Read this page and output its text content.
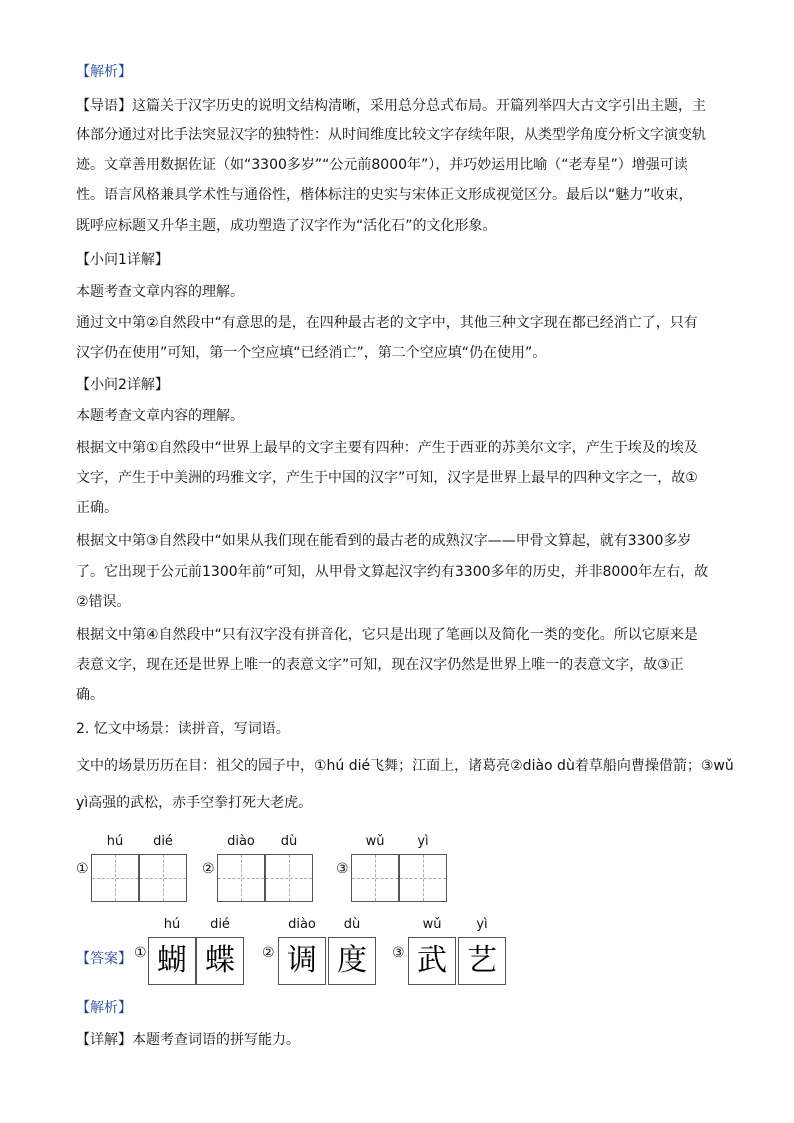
【解析】
【导语】这篇关于汉字历史的说明文结构清晰，采用总分总式布局。开篇列举四大古文字引出主题，主
体部分通过对比手法突显汉字的独特性：从时间维度比较文字存续年限，从类型学角度分析文字演变轨
迹。文章善用数据佐证（如“3300多岁”“公元前8000年”），并巧妙运用比喻（“老寿星”）增强可读
性。语言风格兼具学术性与通俗性，楷体标注的史实与宋体正文形成视觉区分。最后以“魅力”收束，
既呼应标题又升华主题，成功塑造了汉字作为“活化石”的文化形象。
【小问1详解】
本题考查文章内容的理解。
通过文中第②自然段中“有意思的是，在四种最古老的文字中，其他三种文字现在都已经消亡了，只有
汉字仍在使用”可知，第一个空应填“已经消亡”，第二个空应填“仍在使用”。
【小问2详解】
本题考查文章内容的理解。
根据文中第①自然段中“世界上最早的文字主要有四种：产生于西亚的苏美尔文字，产生于埃及的埃及
文字，产生于中美洲的玛雅文字，产生于中国的汉字”可知，汉字是世界上最早的四种文字之一，故①
正确。
根据文中第③自然段中“如果从我们现在能看到的最古老的成熟汉字——甲骨文算起，就有3300多岁
了。它出现于公元前1300年前”可知，从甲骨文算起汉字约有3300多年的历史，并非8000年左右，故
②错误。
根据文中第④自然段中“只有汉字没有拼音化，它只是出现了笔画以及简化一类的变化。所以它原来是
表意文字，现在还是世界上唯一的表意文字”可知，现在汉字仍然是世界上唯一的表意文字，故③正
确。
2. 忆文中场景：读拼音，写词语。
文中的场景历历在目：祖父的园子中，①hú dié飞舞；江面上，诸葛亮②diào dù着草船向曹操借箭；③wǔ
yì高强的武松，赤手空拳打死大老虎。
①
hú	dié
②
diào	dù
③
wǔ	yì
【答案】 ①
hú	dié
蝴 蝶	②
diào	dù
调 度	③
wǔ	yì
武 艺
【解析】
【详解】本题考查词语的拼写能力。
